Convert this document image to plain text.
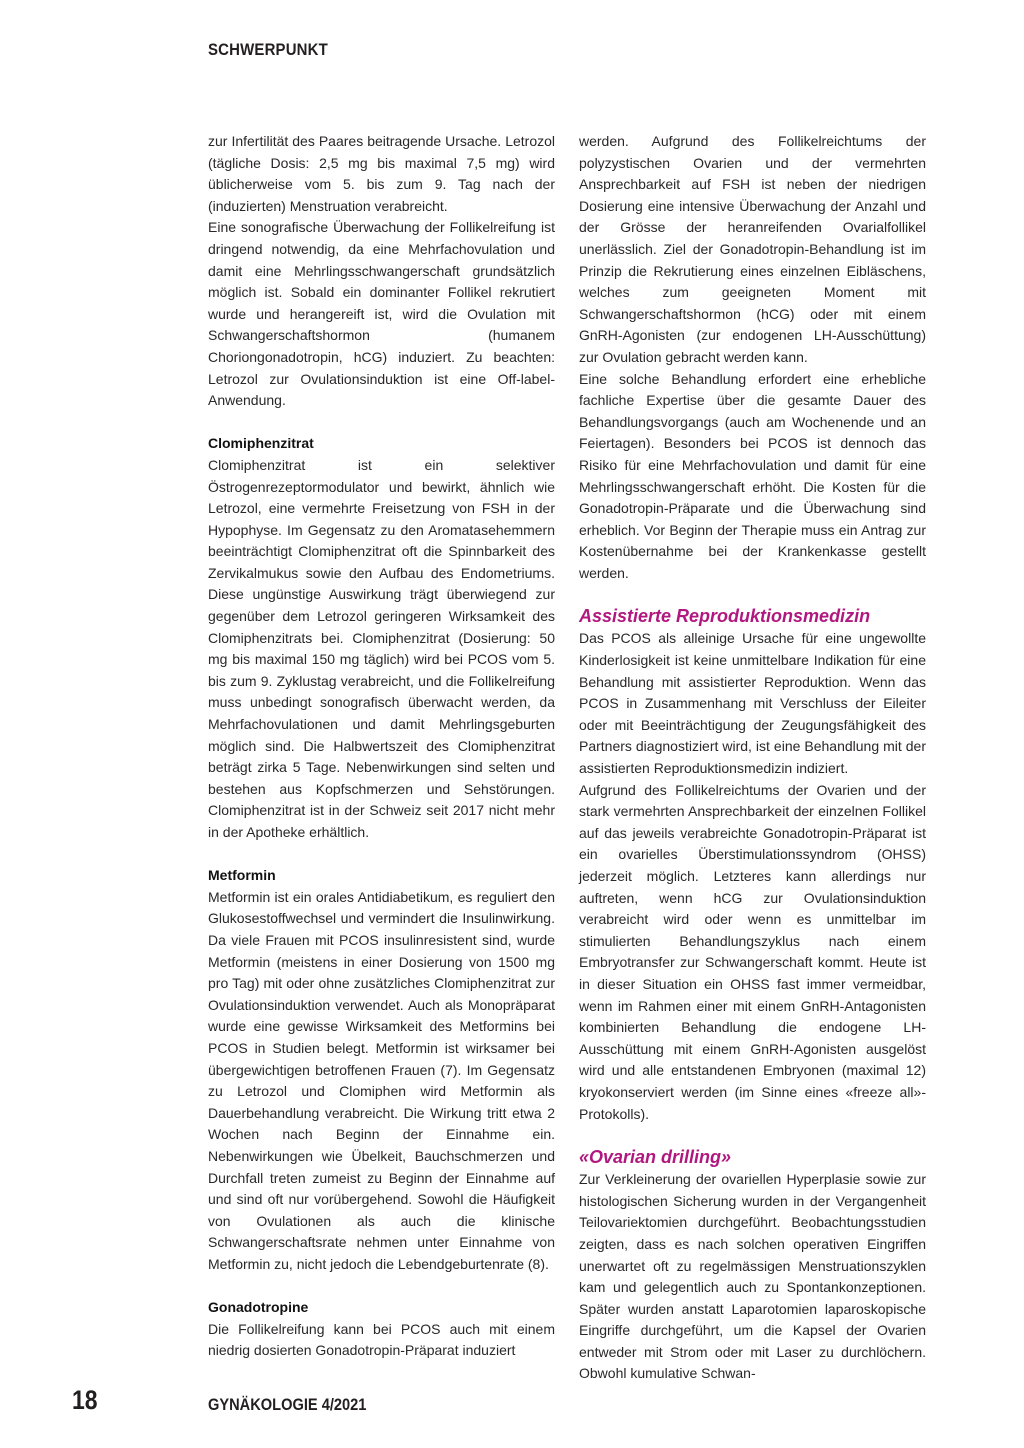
SCHWERPUNKT

zur Infertilität des Paares beitragende Ursache. Letrozol (tägliche Dosis: 2,5 mg bis maximal 7,5 mg) wird üblicherweise vom 5. bis zum 9. Tag nach der (induzierten) Menstruation verabreicht.

Eine sonografische Überwachung der Follikelreifung ist dringend notwendig, da eine Mehrfachovulation und damit eine Mehrlingsschwangerschaft grundsätzlich möglich ist. Sobald ein dominanter Follikel rekrutiert wurde und herangereift ist, wird die Ovulation mit Schwangerschaftshormon (humanem Choriongonadotropin, hCG) induziert. Zu beachten: Letrozol zur Ovulationsinduktion ist eine Off-label-Anwendung.

Clomiphenzitrat

Clomiphenzitrat ist ein selektiver Östrogenrezeptormodulator und bewirkt, ähnlich wie Letrozol, eine vermehrte Freisetzung von FSH in der Hypophyse. Im Gegensatz zu den Aromatasehemmern beeinträchtigt Clomiphenzitrat oft die Spinnbarkeit des Zervikalmukus sowie den Aufbau des Endometriums. Diese ungünstige Auswirkung trägt überwiegend zur gegenüber dem Letrozol geringeren Wirksamkeit des Clomiphenzitrats bei. Clomiphenzitrat (Dosierung: 50 mg bis maximal 150 mg täglich) wird bei PCOS vom 5. bis zum 9. Zyklustag verabreicht, und die Follikelreifung muss unbedingt sonografisch überwacht werden, da Mehrfachovulationen und damit Mehrlingsgeburten möglich sind. Die Halbwertszeit des Clomiphenzitrat beträgt zirka 5 Tage. Nebenwirkungen sind selten und bestehen aus Kopfschmerzen und Sehstörungen. Clomiphenzitrat ist in der Schweiz seit 2017 nicht mehr in der Apotheke erhältlich.

Metformin

Metformin ist ein orales Antidiabetikum, es reguliert den Glukosestoffwechsel und vermindert die Insulinwirkung. Da viele Frauen mit PCOS insulinresistent sind, wurde Metformin (meistens in einer Dosierung von 1500 mg pro Tag) mit oder ohne zusätzliches Clomiphenzitrat zur Ovulationsinduktion verwendet. Auch als Monopräparat wurde eine gewisse Wirksamkeit des Metformins bei PCOS in Studien belegt. Metformin ist wirksamer bei übergewichtigen betroffenen Frauen (7). Im Gegensatz zu Letrozol und Clomiphen wird Metformin als Dauerbehandlung verabreicht. Die Wirkung tritt etwa 2 Wochen nach Beginn der Einnahme ein. Nebenwirkungen wie Übelkeit, Bauchschmerzen und Durchfall treten zumeist zu Beginn der Einnahme auf und sind oft nur vorübergehend. Sowohl die Häufigkeit von Ovulationen als auch die klinische Schwangerschaftsrate nehmen unter Einnahme von Metformin zu, nicht jedoch die Lebendgeburtenrate (8).

Gonadotropine

Die Follikelreifung kann bei PCOS auch mit einem niedrig dosierten Gonadotropin-Präparat induziert

werden. Aufgrund des Follikelreichtums der polyzystischen Ovarien und der vermehrten Ansprechbarkeit auf FSH ist neben der niedrigen Dosierung eine intensive Überwachung der Anzahl und der Grösse der heranreifenden Ovarialfollikel unerlässlich. Ziel der Gonadotropin-Behandlung ist im Prinzip die Rekrutierung eines einzelnen Eibläschens, welches zum geeigneten Moment mit Schwangerschaftshormon (hCG) oder mit einem GnRH-Agonisten (zur endogenen LH-Ausschüttung) zur Ovulation gebracht werden kann.

Eine solche Behandlung erfordert eine erhebliche fachliche Expertise über die gesamte Dauer des Behandlungsvorgangs (auch am Wochenende und an Feiertagen). Besonders bei PCOS ist dennoch das Risiko für eine Mehrfachovulation und damit für eine Mehrlingsschwangerschaft erhöht. Die Kosten für die Gonadotropin-Präparate und die Überwachung sind erheblich. Vor Beginn der Therapie muss ein Antrag zur Kostenübernahme bei der Krankenkasse gestellt werden.

Assistierte Reproduktionsmedizin

Das PCOS als alleinige Ursache für eine ungewollte Kinderlosigkeit ist keine unmittelbare Indikation für eine Behandlung mit assistierter Reproduktion. Wenn das PCOS in Zusammenhang mit Verschluss der Eileiter oder mit Beeinträchtigung der Zeugungsfähigkeit des Partners diagnostiziert wird, ist eine Behandlung mit der assistierten Reproduktionsmedizin indiziert.

Aufgrund des Follikelreichtums der Ovarien und der stark vermehrten Ansprechbarkeit der einzelnen Follikel auf das jeweils verabreichte Gonadotropin-Präparat ist ein ovarielles Überstimulationssyndrom (OHSS) jederzeit möglich. Letzteres kann allerdings nur auftreten, wenn hCG zur Ovulationsinduktion verabreicht wird oder wenn es unmittelbar im stimulierten Behandlungszyklus nach einem Embryotransfer zur Schwangerschaft kommt. Heute ist in dieser Situation ein OHSS fast immer vermeidbar, wenn im Rahmen einer mit einem GnRH-Antagonisten kombinierten Behandlung die endogene LH-Ausschüttung mit einem GnRH-Agonisten ausgelöst wird und alle entstandenen Embryonen (maximal 12) kryokonserviert werden (im Sinne eines «freeze all»-Protokolls).

«Ovarian drilling»

Zur Verkleinerung der ovariellen Hyperplasie sowie zur histologischen Sicherung wurden in der Vergangenheit Teilovariektomien durchgeführt. Beobachtungsstudien zeigten, dass es nach solchen operativen Eingriffen unerwartet oft zu regelmässigen Menstruationszyklen kam und gelegentlich auch zu Spontankonzeptionen. Später wurden anstatt Laparotomien laparoskopische Eingriffe durchgeführt, um die Kapsel der Ovarien entweder mit Strom oder mit Laser zu durchlöchern. Obwohl kumulative Schwan-

18	GYNÄKOLOGIE 4/2021
